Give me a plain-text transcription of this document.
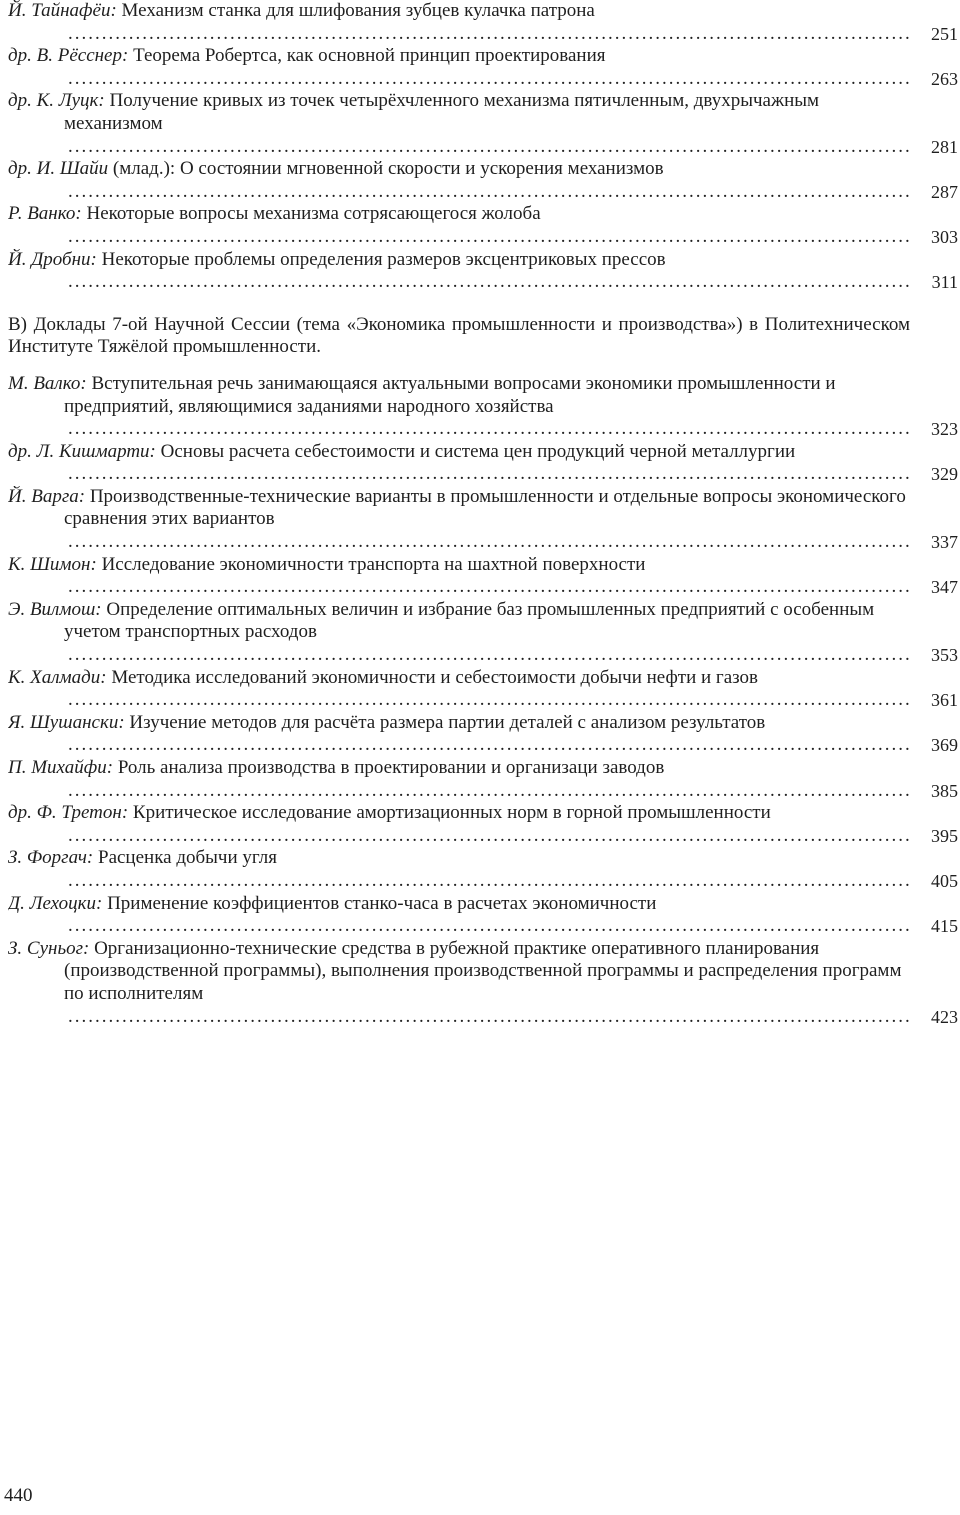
Й. Тайнафёи: Механизм станка для шлифования зубцев кулачка патрона .............................................................................................................................	251
др. В. Рёсснер: Теорема Робертса, как основной принцип проектирования .............................................................................................................................	263
др. К. Луцк: Получение кривых из точек четырёхчленного механизма пятичленным, двухрычажным механизмом .............................................................................................................................	281
др. И. Шайи (млад.): О состоянии мгновенной скорости и ускорения механизмов .............................................................................................................................	287
Р. Ванко: Некоторые вопросы механизма сотрясающегося жолоба .............................................................................................................................	303
Й. Дробни: Некоторые проблемы определения размеров эксцентриковых прессов .............................................................................................................................	311

В) Доклады 7-ой Научной Сессии (тема «Экономика промышленности и производства») в Политехническом Институте Тяжёлой промышленности.

М. Валко: Вступительная речь занимающаяся актуальными вопросами экономики промышленности и предприятий, являющимися заданиями народного хозяйства .............................................................................................................................	323
др. Л. Кишмарти: Основы расчета себестоимости и система цен продукций черной металлургии .............................................................................................................................	329
Й. Варга: Производственные-технические варианты в промышленности и отдельные вопросы экономического сравнения этих вариантов .............................................................................................................................	337
К. Шимон: Исследование экономичности транспорта на шахтной поверхности .............................................................................................................................	347
Э. Вилмош: Определение оптимальных величин и избрание баз промышленных предприятий с особенным учетом транспортных расходов .............................................................................................................................	353
К. Халмади: Методика исследований экономичности и себестоимости добычи нефти и газов .............................................................................................................................	361
Я. Шушански: Изучение методов для расчёта размера партии деталей с анализом результатов .............................................................................................................................	369
П. Михайфи: Роль анализа производства в проектировании и организаци заводов .............................................................................................................................	385
др. Ф. Третон: Критическое исследование амортизационных норм в горной промышленности .............................................................................................................................	395
З. Форгач: Расценка добычи угля .............................................................................................................................	405
Д. Лехоцки: Применение коэффициентов станко-часа в расчетах экономичности .............................................................................................................................	415
З. Суньог: Организационно-технические средства в рубежной практике оперативного планирования (производственной программы), выполнения производственной программы и распределения программ по исполнителям .............................................................................................................................	423
440
